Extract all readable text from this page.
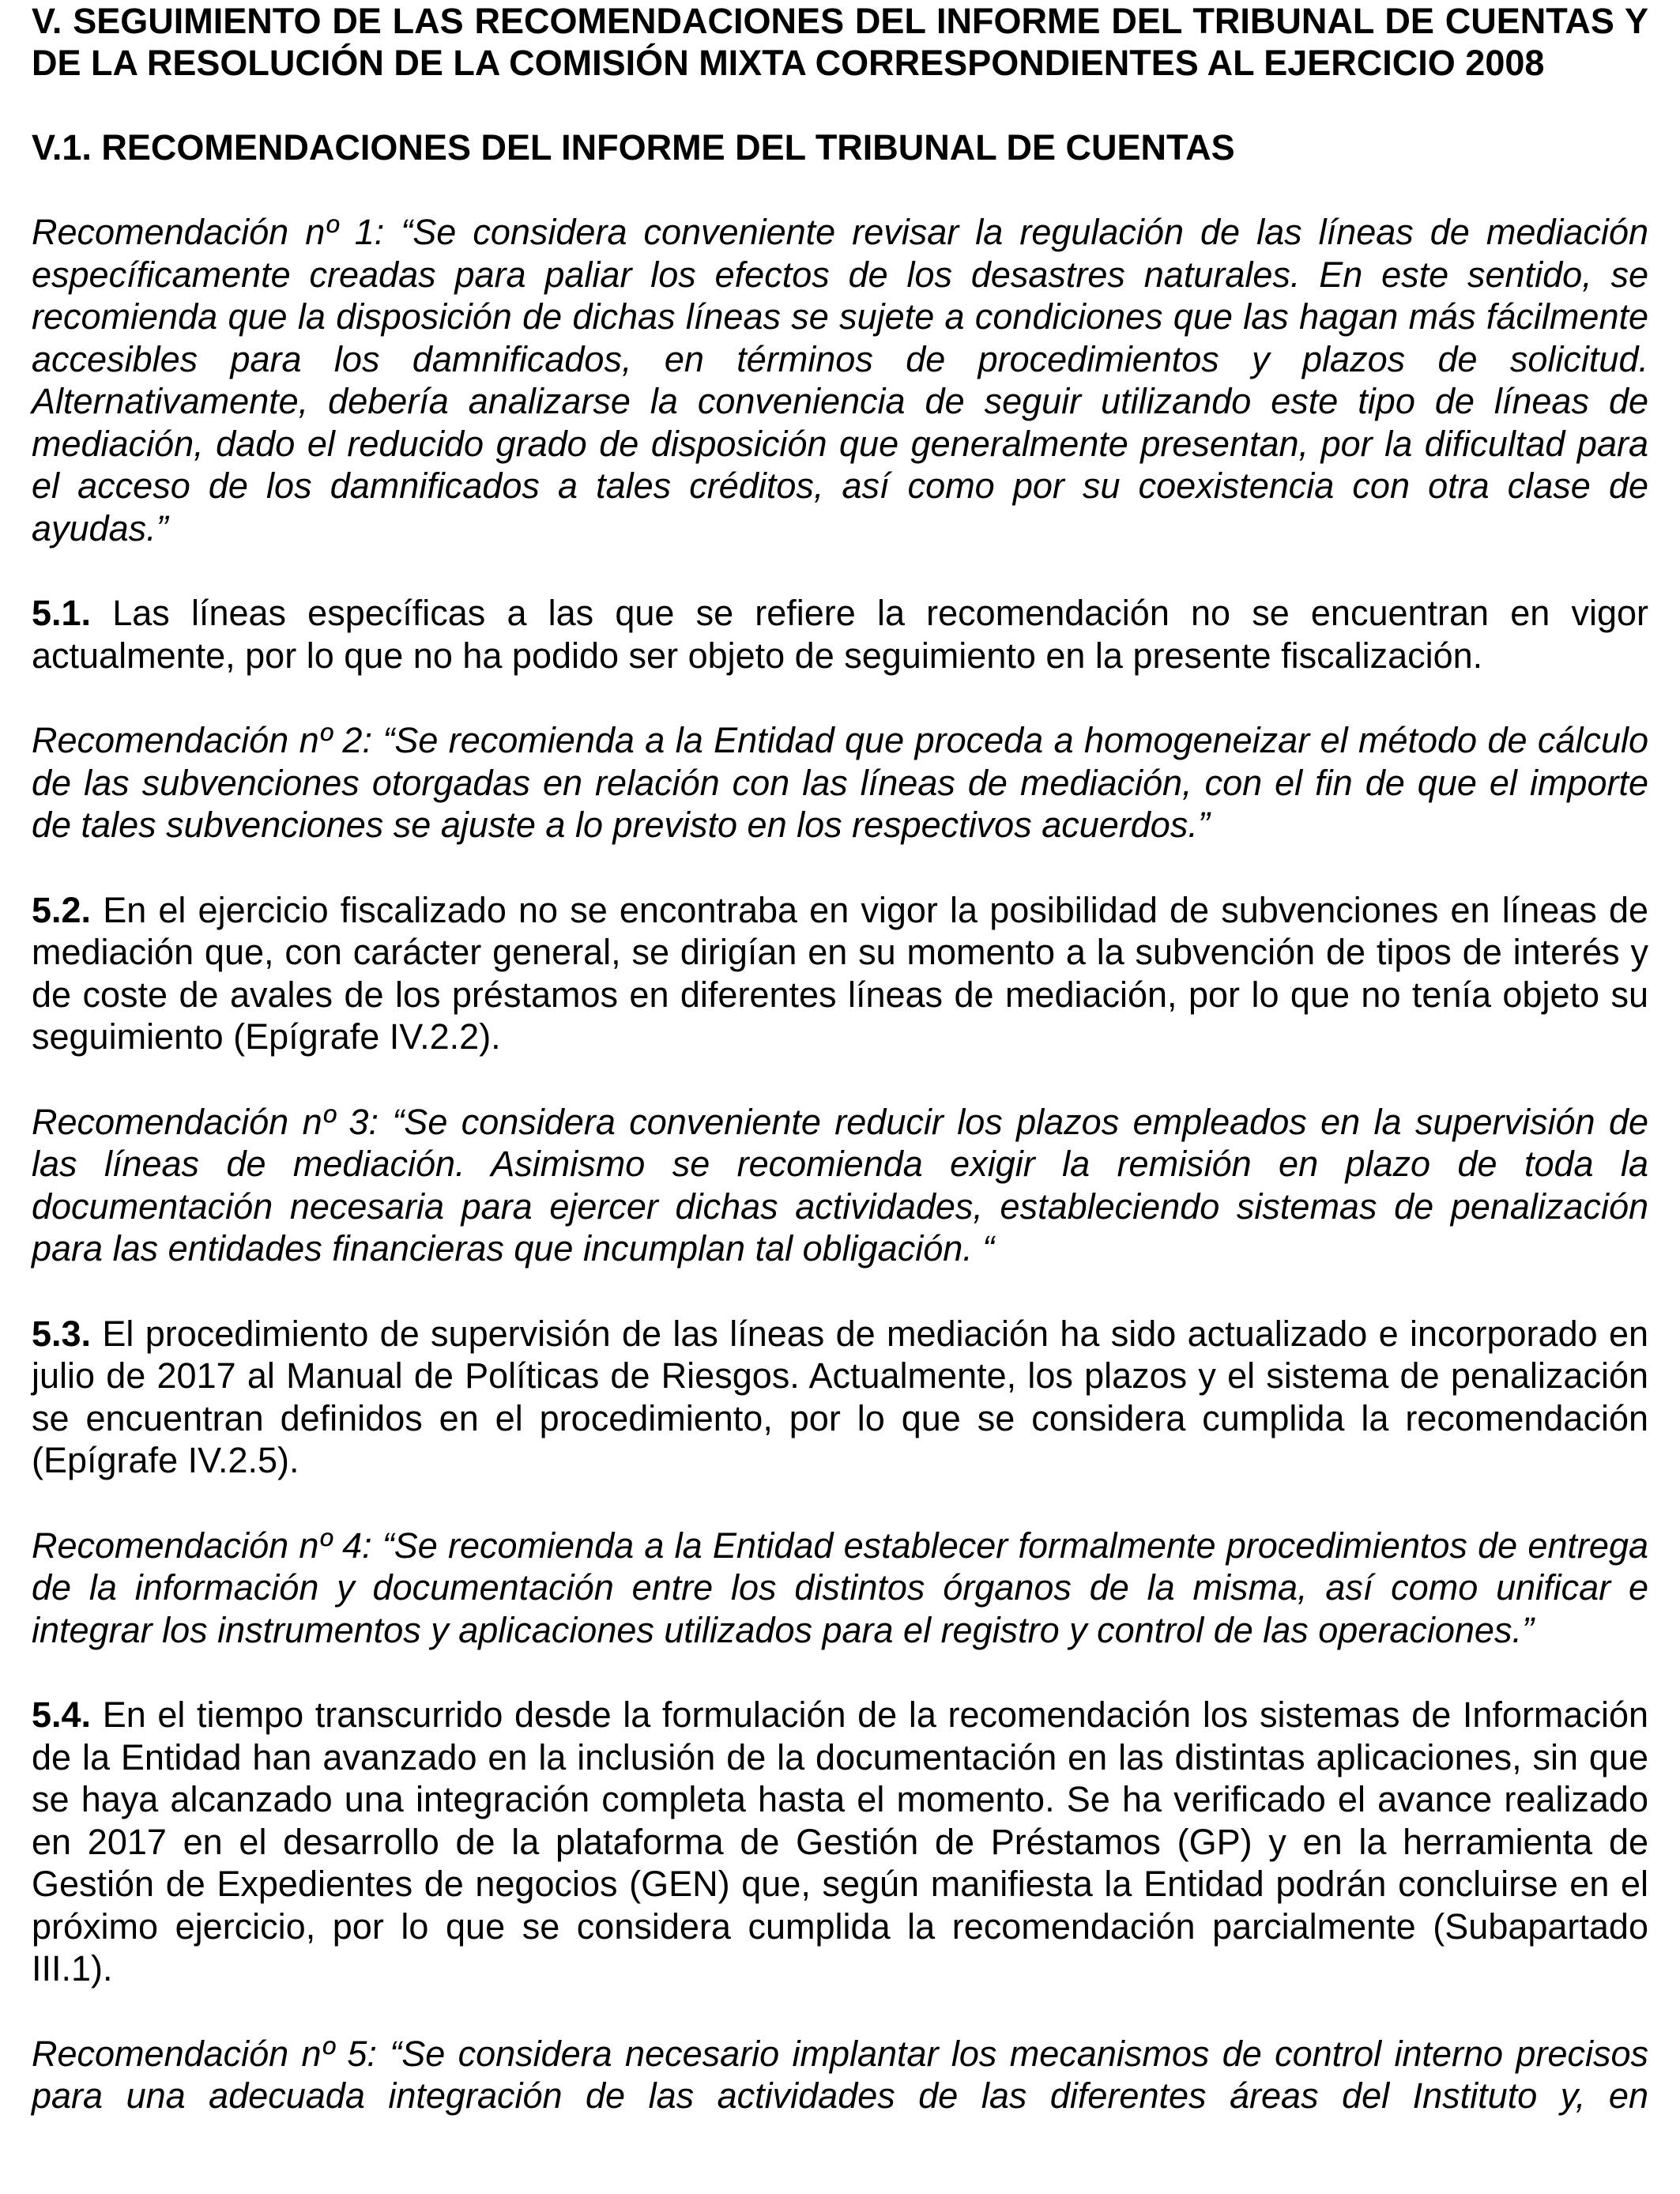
V. SEGUIMIENTO DE LAS RECOMENDACIONES DEL INFORME DEL TRIBUNAL DE CUENTAS Y DE LA RESOLUCIÓN DE LA COMISIÓN MIXTA CORRESPONDIENTES AL EJERCICIO 2008
V.1. RECOMENDACIONES DEL INFORME DEL TRIBUNAL DE CUENTAS

Recomendación nº 1: “Se considera conveniente revisar la regulación de las líneas de mediación específicamente creadas para paliar los efectos de los desastres naturales. En este sentido, se recomienda que la disposición de dichas líneas se sujete a condiciones que las hagan más fácilmente accesibles para los damnificados, en términos de procedimientos y plazos de solicitud. Alternativamente, debería analizarse la conveniencia de seguir utilizando este tipo de líneas de mediación, dado el reducido grado de disposición que generalmente presentan, por la dificultad para el acceso de los damnificados a tales créditos, así como por su coexistencia con otra clase de ayudas.”

5.1. Las líneas específicas a las que se refiere la recomendación no se encuentran en vigor actualmente, por lo que no ha podido ser objeto de seguimiento en la presente fiscalización.

Recomendación nº 2: “Se recomienda a la Entidad que proceda a homogeneizar el método de cálculo de las subvenciones otorgadas en relación con las líneas de mediación, con el fin de que el importe de tales subvenciones se ajuste a lo previsto en los respectivos acuerdos.”

5.2. En el ejercicio fiscalizado no se encontraba en vigor la posibilidad de subvenciones en líneas de mediación que, con carácter general, se dirigían en su momento a la subvención de tipos de interés y de coste de avales de los préstamos en diferentes líneas de mediación, por lo que no tenía objeto su seguimiento (Epígrafe IV.2.2).

Recomendación nº 3: “Se considera conveniente reducir los plazos empleados en la supervisión de las líneas de mediación. Asimismo se recomienda exigir la remisión en plazo de toda la documentación necesaria para ejercer dichas actividades, estableciendo sistemas de penalización para las entidades financieras que incumplan tal obligación. “

5.3. El procedimiento de supervisión de las líneas de mediación ha sido actualizado e incorporado en julio de 2017 al Manual de Políticas de Riesgos. Actualmente, los plazos y el sistema de penalización se encuentran definidos en el procedimiento, por lo que se considera cumplida la recomendación (Epígrafe IV.2.5).

Recomendación nº 4: “Se recomienda a la Entidad establecer formalmente procedimientos de entrega de la información y documentación entre los distintos órganos de la misma, así como unificar e integrar los instrumentos y aplicaciones utilizados para el registro y control de las operaciones.”

5.4. En el tiempo transcurrido desde la formulación de la recomendación los sistemas de Información de la Entidad han avanzado en la inclusión de la documentación en las distintas aplicaciones, sin que se haya alcanzado una integración completa hasta el momento. Se ha verificado el avance realizado en 2017 en el desarrollo de la plataforma de Gestión de Préstamos (GP) y en la herramienta de Gestión de Expedientes de negocios (GEN) que, según manifiesta la Entidad podrán concluirse en el próximo ejercicio, por lo que se considera cumplida la recomendación parcialmente (Subapartado III.1).

Recomendación nº 5: “Se considera necesario implantar los mecanismos de control interno precisos para una adecuada integración de las actividades de las diferentes áreas del Instituto y, en
